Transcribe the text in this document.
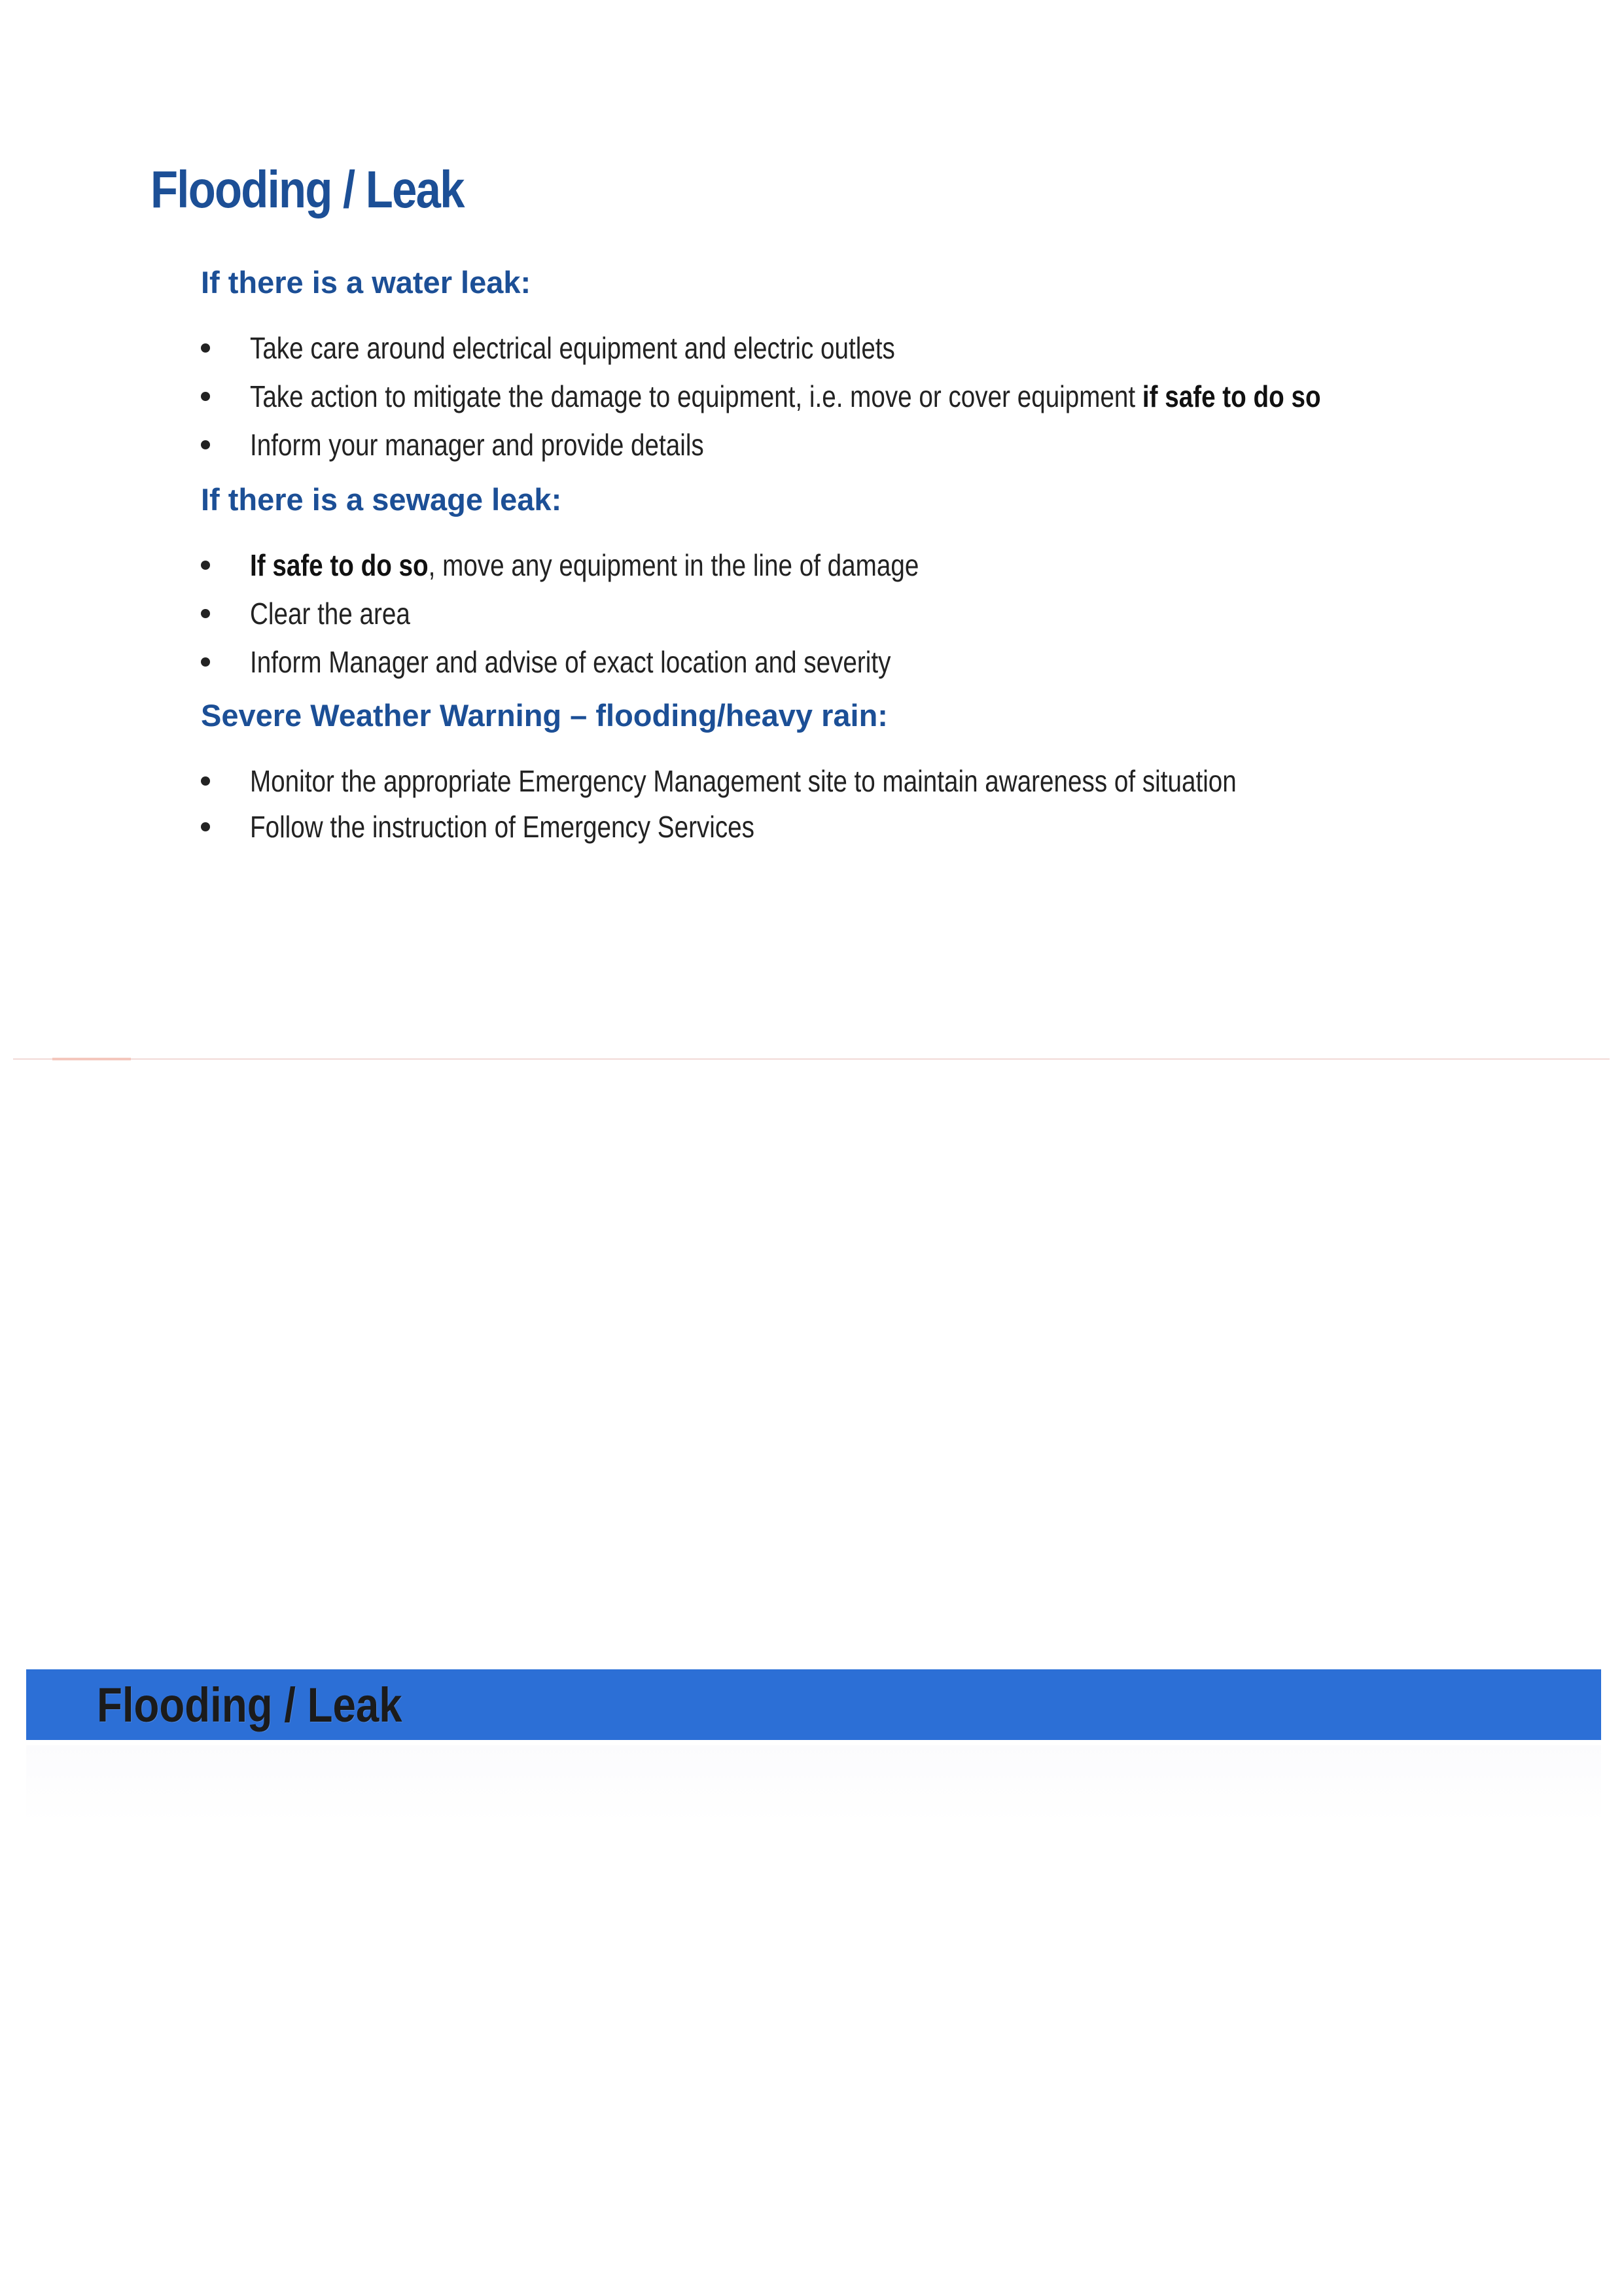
Flooding / Leak
If there is a water leak:
Take care around electrical equipment and electric outlets
Take action to mitigate the damage to equipment, i.e. move or cover equipment if safe to do so
Inform your manager and provide details
If there is a sewage leak:
If safe to do so, move any equipment in the line of damage
Clear the area
Inform Manager and advise of exact location and severity
Severe Weather Warning – flooding/heavy rain:
Monitor the appropriate Emergency Management site to maintain awareness of situation
Follow the instruction of Emergency Services
Flooding / Leak
